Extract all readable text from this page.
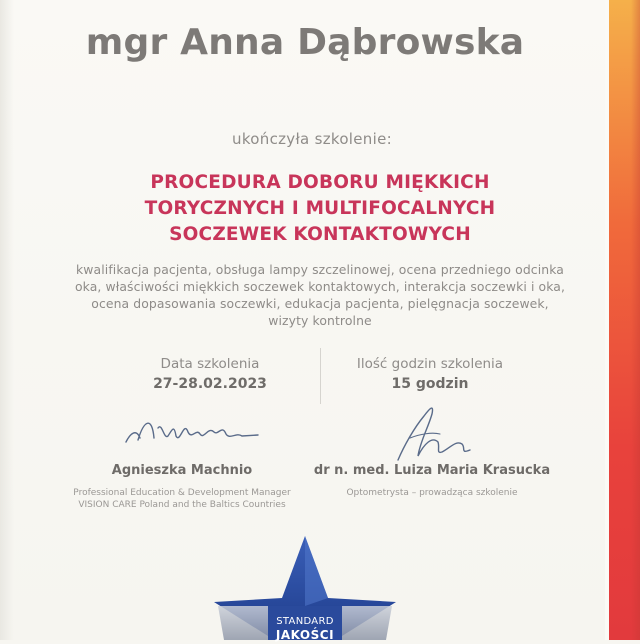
mgr Anna Dąbrowska
ukończyła szkolenie:
PROCEDURA DOBORU MIĘKKICH
TORYCZNYCH I MULTIFOCALNYCH
SOCZEWEK KONTAKTOWYCH
kwalifikacja pacjenta, obsługa lampy szczelinowej, ocena przedniego odcinka
oka, właściwości miękkich soczewek kontaktowych, interakcja soczewki i oka,
ocena dopasowania soczewki, edukacja pacjenta, pielęgnacja soczewek,
wizyty kontrolne
Data szkolenia
27-28.02.2023
Ilość godzin szkolenia
15 godzin
Agnieszka Machnio
Professional Education & Development Manager
VISION CARE Poland and the Baltics Countries
dr n. med. Luiza Maria Krasucka
Optometrysta – prowadząca szkolenie
STANDARD
JAKOŚCI
